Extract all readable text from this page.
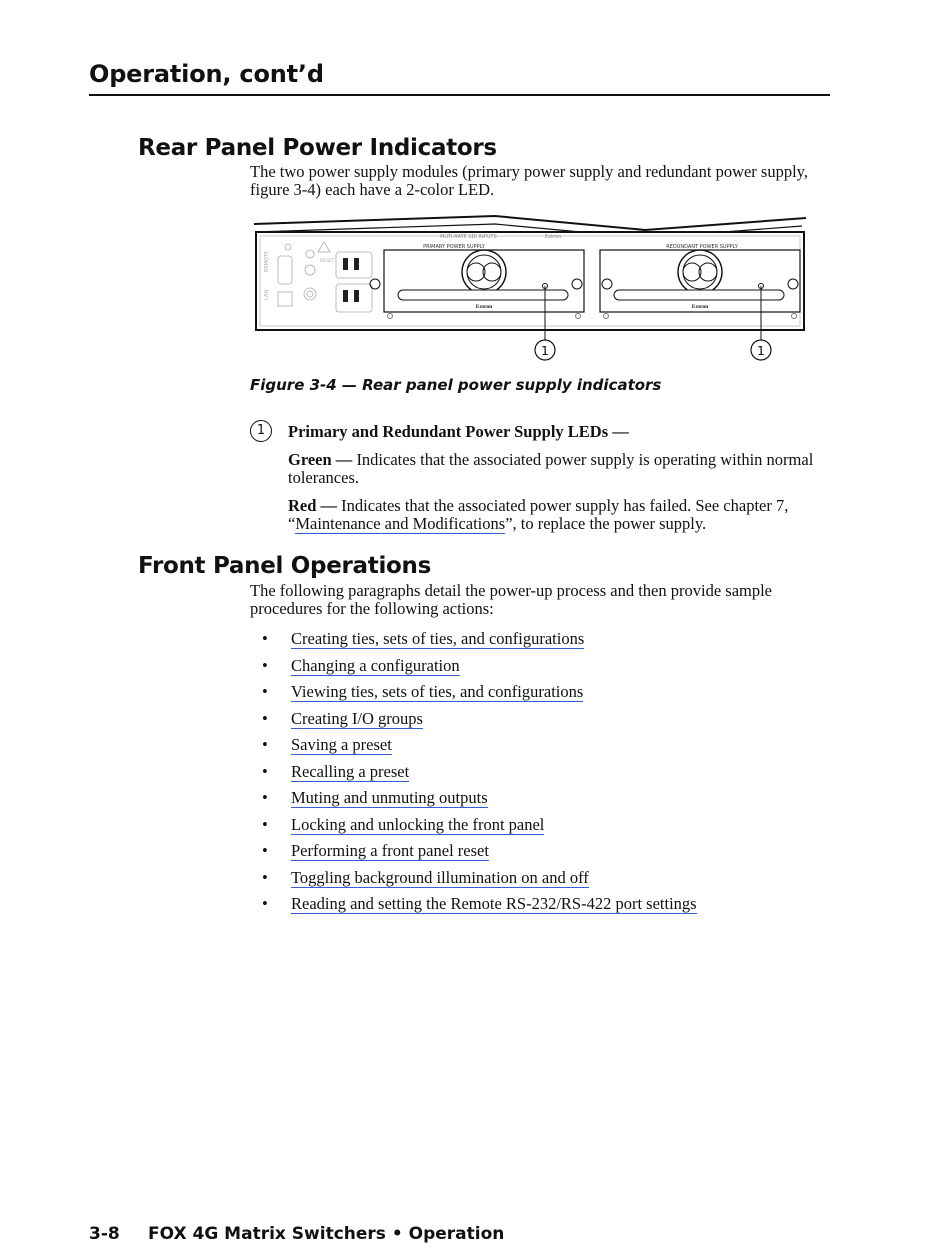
Operation, cont’d
Rear Panel Power Indicators
The two power supply modules (primary power supply and redundant power supply, figure 3-4) each have a 2-color LED.
MUTI-RATE SDI INPUTS	Extron
REMOTE
LAN
RESET
PRIMARY POWER SUPPLY
Extron
REDUNDANT POWER SUPPLY
Extron
1	1
Figure 3-4 — Rear panel power supply indicators
1	Primary and Redundant Power Supply LEDs —
Green — Indicates that the associated power supply is operating within normal tolerances.
Red — Indicates that the associated power supply has failed. See chapter 7, “Maintenance and Modifications”, to replace the power supply.
Front Panel Operations
The following paragraphs detail the power-up process and then provide sample procedures for the following actions:
• Creating ties, sets of ties, and configurations
• Changing a configuration
• Viewing ties, sets of ties, and configurations
• Creating I/O groups
• Saving a preset
• Recalling a preset
• Muting and unmuting outputs
• Locking and unlocking the front panel
• Performing a front panel reset
• Toggling background illumination on and off
• Reading and setting the Remote RS-232/RS-422 port settings
3-8 FOX 4G Matrix Switchers • Operation
